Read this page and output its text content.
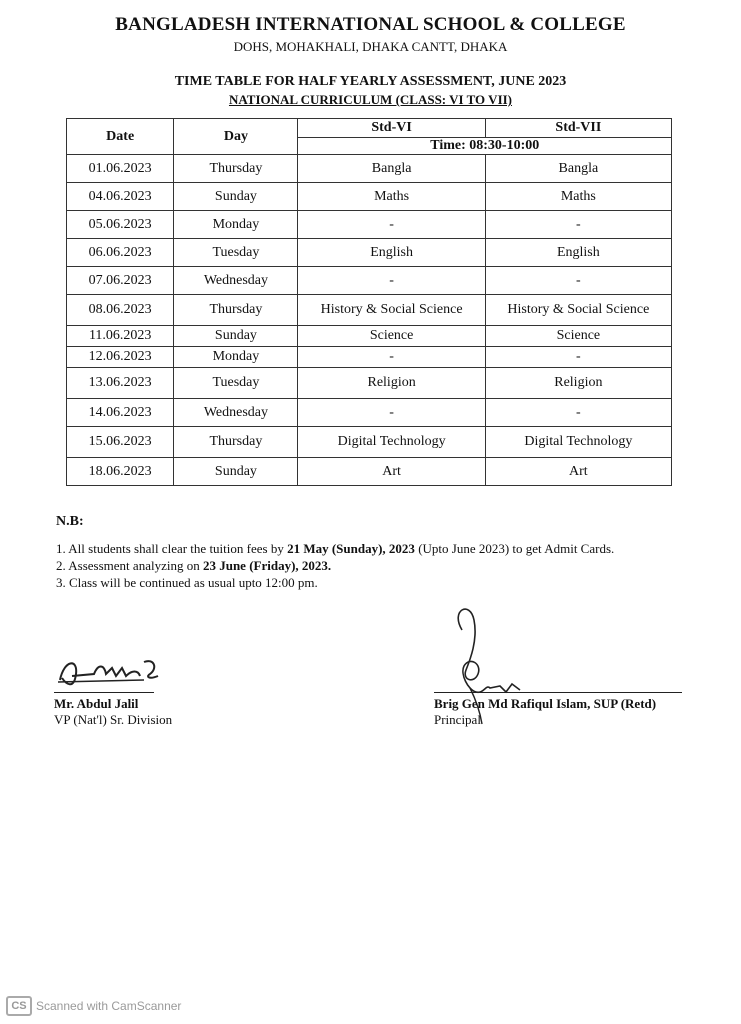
BANGLADESH INTERNATIONAL SCHOOL & COLLEGE
DOHS, MOHAKHALI, DHAKA CANTT, DHAKA
TIME TABLE FOR HALF YEARLY ASSESSMENT, JUNE 2023
NATIONAL CURRICULUM (CLASS: VI TO VII)
Date	Day	Std-VI	Std-VII
		Time: 08:30-10:00	
01.06.2023	Thursday	Bangla	Bangla
04.06.2023	Sunday	Maths	Maths
05.06.2023	Monday	-	-
06.06.2023	Tuesday	English	English
07.06.2023	Wednesday	-	-
08.06.2023	Thursday	History & Social Science	History & Social Science
11.06.2023	Sunday	Science	Science
12.06.2023	Monday	-	-
13.06.2023	Tuesday	Religion	Religion
14.06.2023	Wednesday	-	-
15.06.2023	Thursday	Digital Technology	Digital Technology
18.06.2023	Sunday	Art	Art
N.B:

1. All students shall clear the tuition fees by 21 May (Sunday), 2023 (Upto June 2023) to get Admit Cards.

2. Assessment analyzing on 23 June (Friday), 2023.

3. Class will be continued as usual upto 12:00 pm.

Mr. Abdul Jalil
VP (Nat'l) Sr. Division
Brig Gen Md Rafiqul Islam, SUP (Retd)
Principal
CS Scanned with CamScanner
